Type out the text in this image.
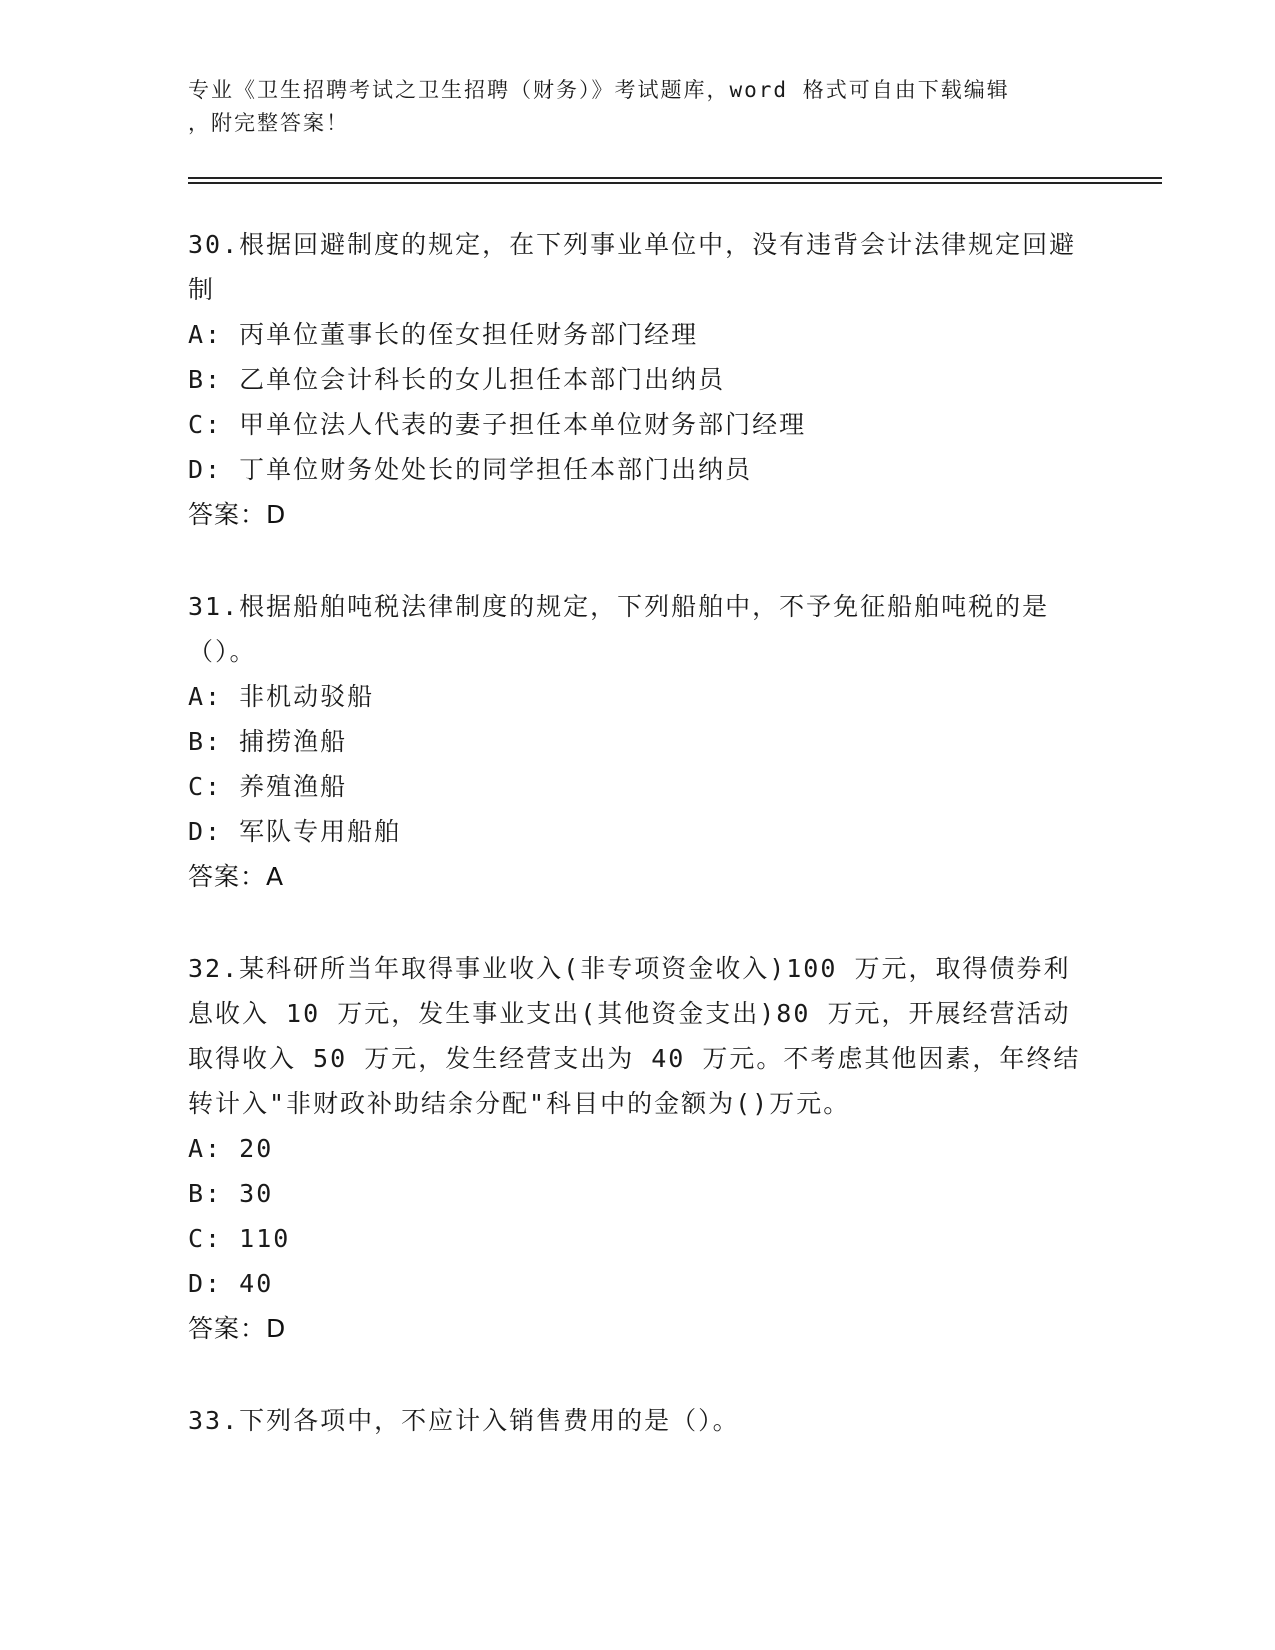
专业《卫生招聘考试之卫生招聘（财务）》考试题库，word 格式可自由下载编辑
，附完整答案！

30.根据回避制度的规定，在下列事业单位中，没有违背会计法律规定回避制

A: 丙单位董事长的侄女担任财务部门经理

B: 乙单位会计科长的女儿担任本部门出纳员

C: 甲单位法人代表的妻子担任本单位财务部门经理

D: 丁单位财务处处长的同学担任本部门出纳员

答案：D

31.根据船舶吨税法律制度的规定，下列船舶中，不予免征船舶吨税的是（）。

A: 非机动驳船

B: 捕捞渔船

C: 养殖渔船

D: 军队专用船舶

答案：A

32.某科研所当年取得事业收入(非专项资金收入)100 万元，取得债券利息收入 10 万元，发生事业支出(其他资金支出)80 万元，开展经营活动取得收入 50 万元，发生经营支出为 40 万元。不考虑其他因素，年终结转计入"非财政补助结余分配"科目中的金额为()万元。

A: 20

B: 30

C: 110

D: 40

答案：D

33.下列各项中，不应计入销售费用的是（）。
